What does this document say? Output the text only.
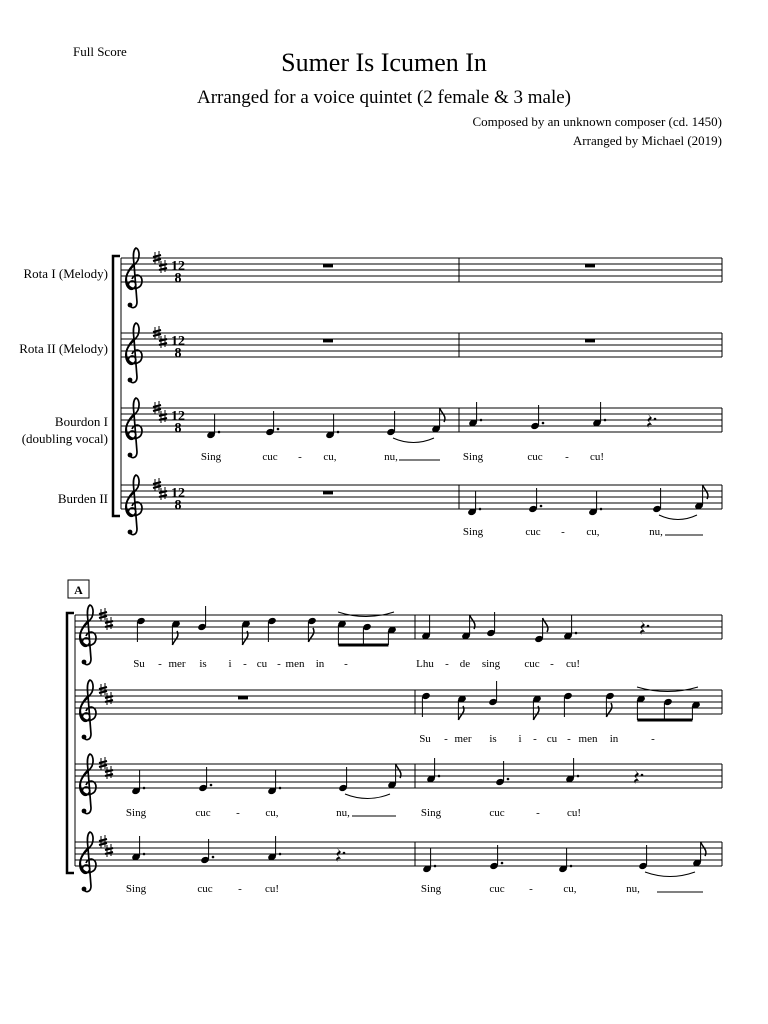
Full Score	Sumer Is Icumen In
Arranged for a voice quintet (2 female & 3 male)
Composed by an unknown composer (cd. 1450)
Arranged by Michael (2019)
Rota I (Melody)
Rota II (Melody)
Bourdon I
(doubling vocal)
Burden II
12
8
12
8
12
8
12
8
Sing	cuc - cu,	nu,	Sing	cuc - cu!
Sing	cuc - cu,	nu,
A
Su - mer is i - cu - men in -	Lhu - de sing cuc - cu!
Su - mer is i - cu - men in	-
Sing	cuc - cu,	nu,	Sing	cuc	- cu!
Sing	cuc - cu!	Sing	cuc -	cu,	nu,
